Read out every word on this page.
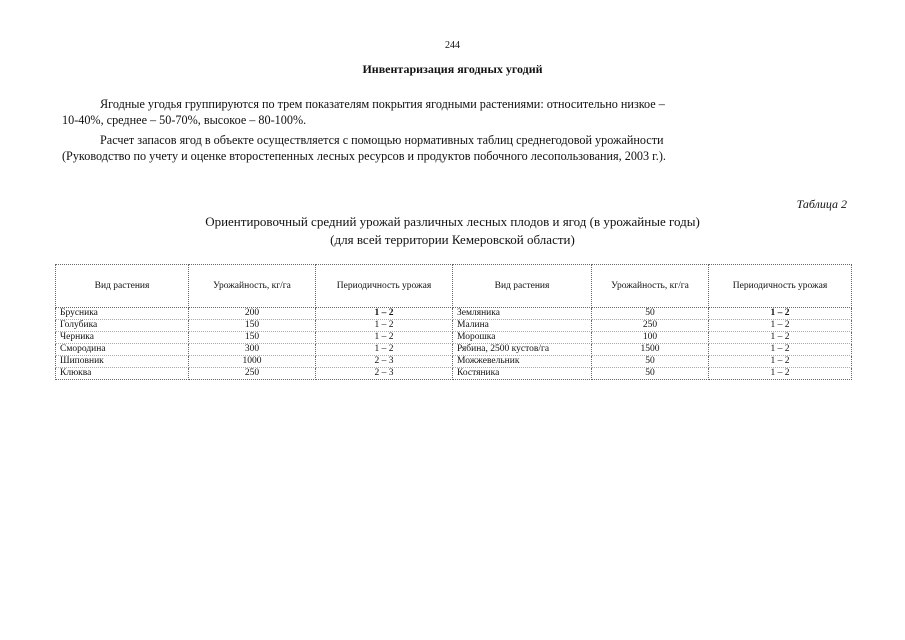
244
Инвентаризация ягодных угодий
Ягодные угодья группируются по трем показателям покрытия ягодными растениями: относительно низкое –
10-40%, среднее – 50-70%, высокое – 80-100%.
Расчет запасов ягод в объекте осуществляется с помощью нормативных таблиц среднегодовой урожайности
(Руководство по учету и оценке второстепенных лесных ресурсов и продуктов побочного лесопользования, 2003 г.).
Таблица 2
Ориентировочный средний урожай различных лесных плодов и ягод (в урожайные годы)
(для всей территории Кемеровской области)
Вид растения	Урожайность, кг/га	Периодичность урожая	Вид растения	Урожайность, кг/га	Периодичность урожая
Брусника	200	1 – 2	Земляника	50	1 – 2
Голубика	150	1 – 2	Малина	250	1 – 2
Черника	150	1 – 2	Морошка	100	1 – 2
Смородина	300	1 – 2	Рябина, 2500 кустов/га	1500	1 – 2
Шиповник	1000	2 – 3	Можжевельник	50	1 – 2
Клюква	250	2 – 3	Костяника	50	1 – 2
